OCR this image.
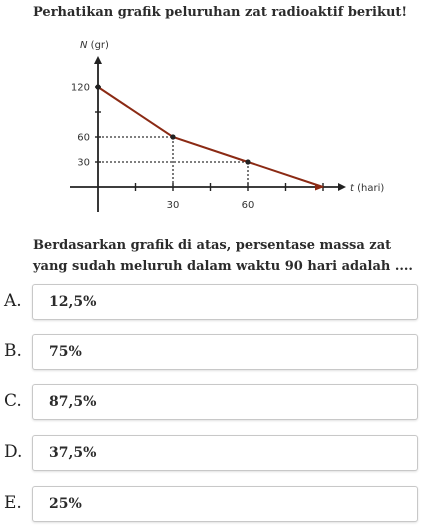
Perhatikan grafik peluruhan zat radioaktif berikut!
N (gr)
t (hari)
120
60
30
30	60
Berdasarkan grafik di atas, persentase massa zat yang sudah meluruh dalam waktu 90 hari adalah ....
A. 12,5%
B. 75%
C. 87,5%
D. 37,5%
E. 25%
